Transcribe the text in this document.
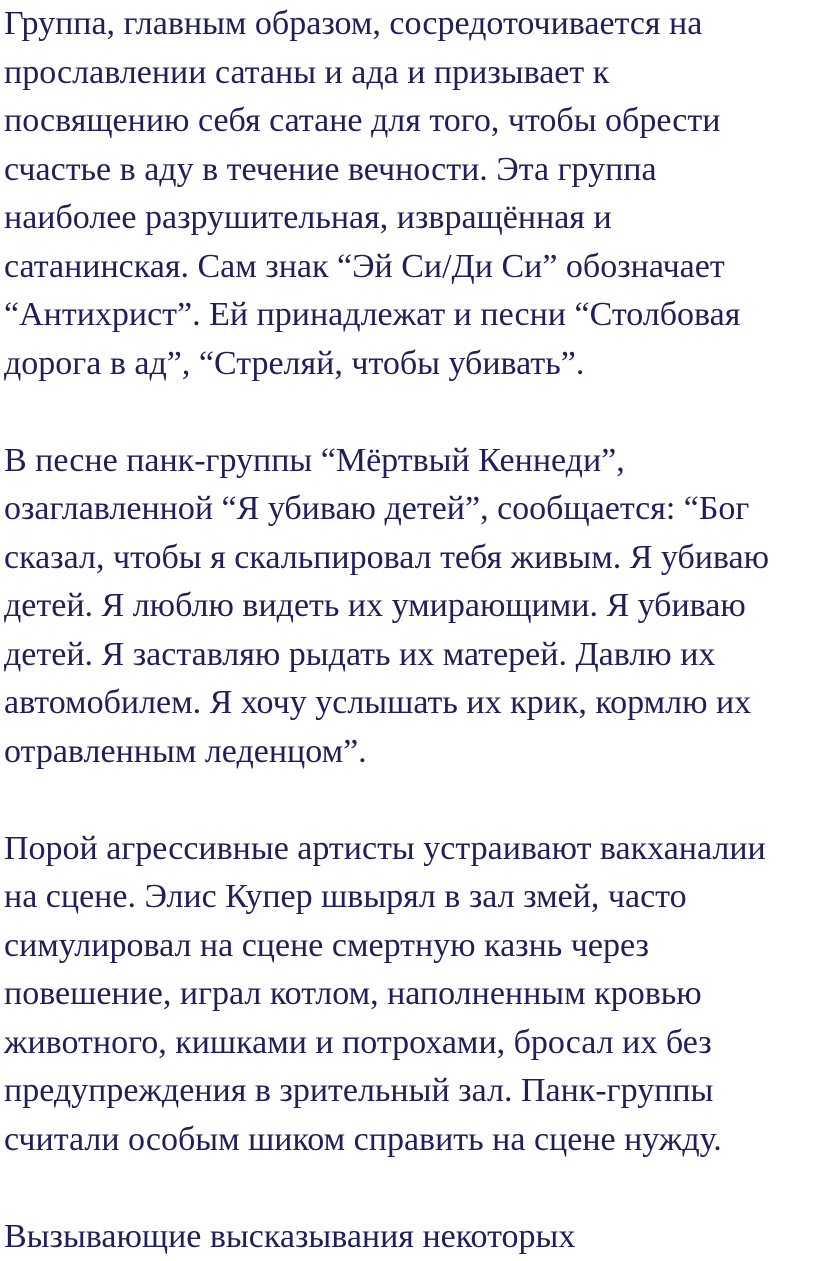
Группа, главным образом, сосредоточивается на
прославлении сатаны и ада и призывает к
посвящению себя сатане для того, чтобы обрести
счастье в аду в течение вечности. Эта группа
наиболее разрушительная, извращённая и
сатанинская. Сам знак “Эй Си/Ди Си” обозначает
“Антихрист”. Ей принадлежат и песни “Столбовая
дорога в ад”, “Стреляй, чтобы убивать”.
В песне панк-группы “Мёртвый Кеннеди”,
озаглавленной “Я убиваю детей”, сообщается: “Бог
сказал, чтобы я скальпировал тебя живым. Я убиваю
детей. Я люблю видеть их умирающими. Я убиваю
детей. Я заставляю рыдать их матерей. Давлю их
автомобилем. Я хочу услышать их крик, кормлю их
отравленным леденцом”.
Порой агрессивные артисты устраивают вакханалии
на сцене. Элис Купер швырял в зал змей, часто
симулировал на сцене смертную казнь через
повешение, играл котлом, наполненным кровью
животного, кишками и потрохами, бросал их без
предупреждения в зрительный зал. Панк-группы
считали особым шиком справить на сцене нужду.
Вызывающие высказывания некоторых
